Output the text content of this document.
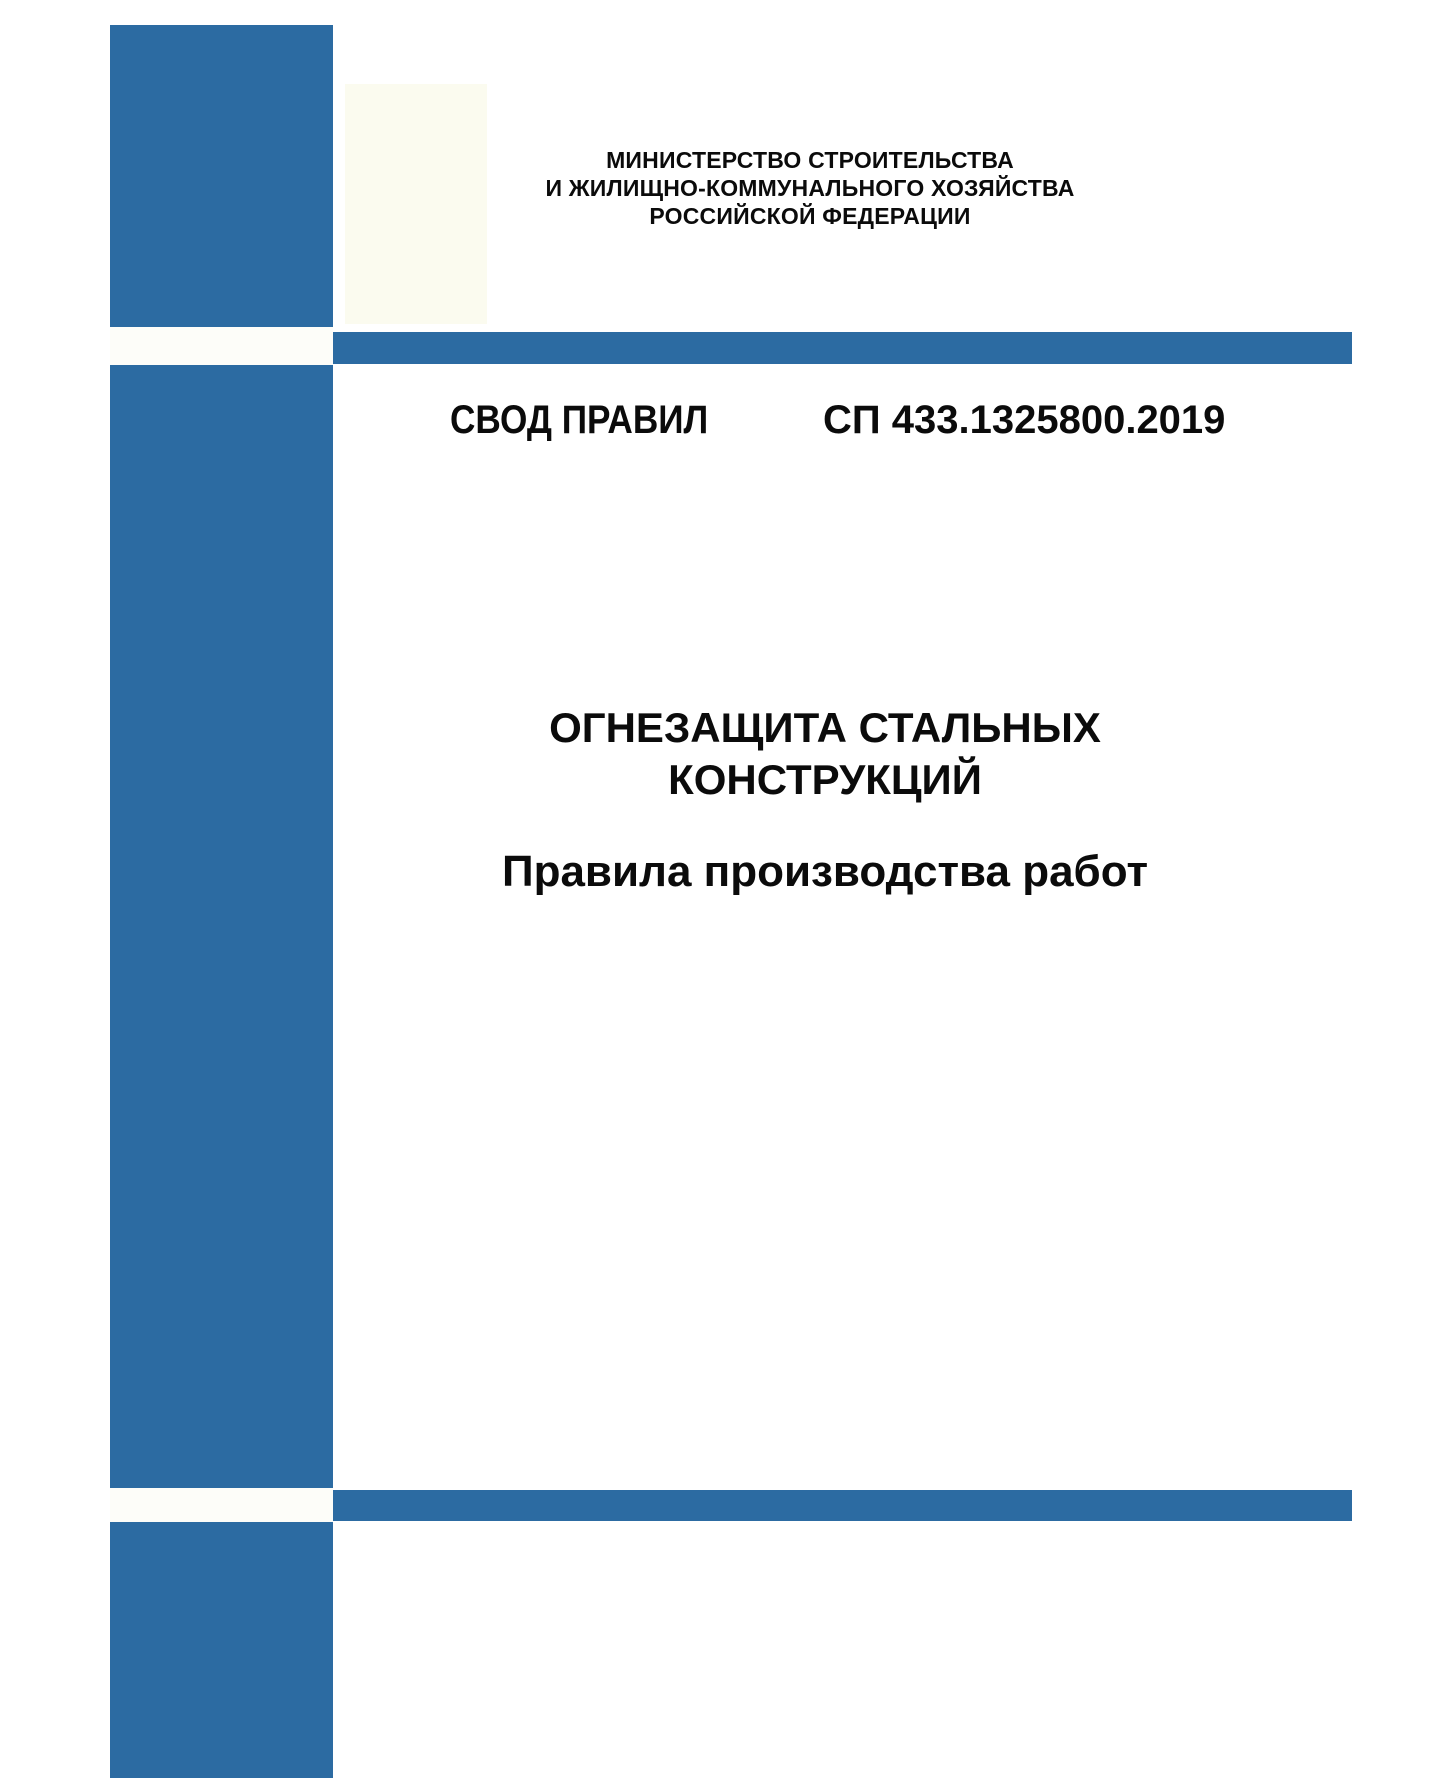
МИНИСТЕРСТВО СТРОИТЕЛЬСТВА
И ЖИЛИЩНО-КОММУНАЛЬНОГО ХОЗЯЙСТВА
РОССИЙСКОЙ ФЕДЕРАЦИИ
СВОД ПРАВИЛ	СП 433.1325800.2019
ОГНЕЗАЩИТА СТАЛЬНЫХ
КОНСТРУКЦИЙ
Правила производства работ
